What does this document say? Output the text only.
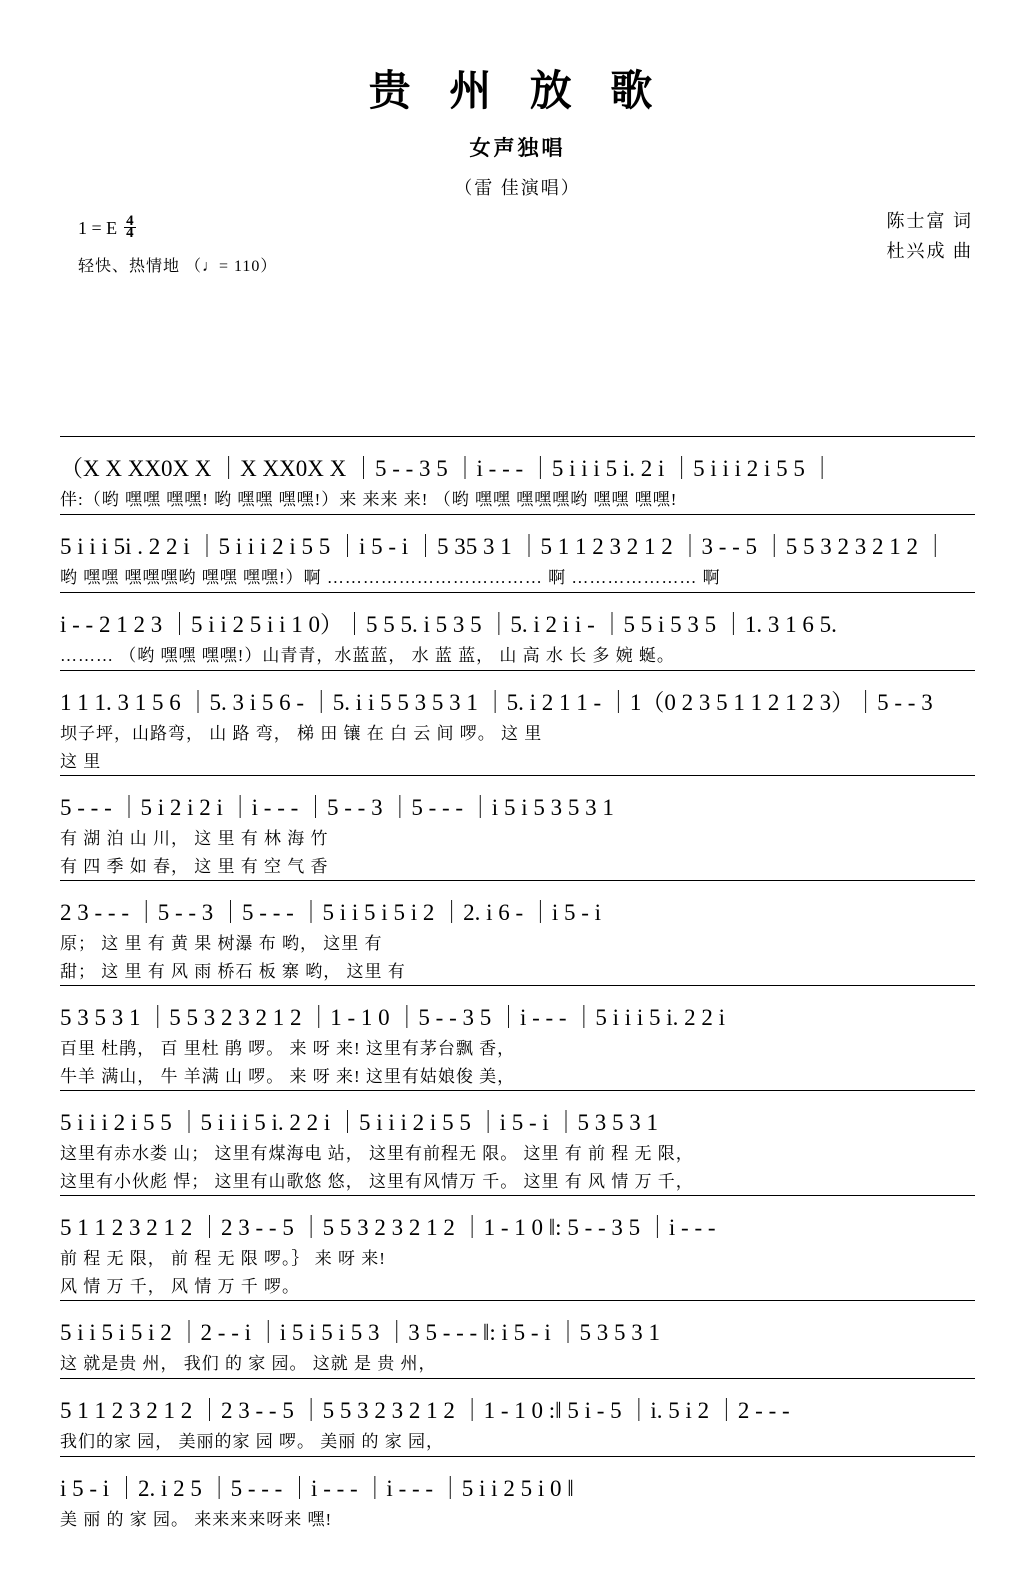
贵 州 放 歌
女声独唱
（雷 佳演唱）
陈士富 词
杜兴成 曲
1 = E $\frac{4}{4}$
轻快、热情地 （♩= 110）
（X X XX0X X ｜X XX0X X ｜5 - - 3 5 ｜i - - - ｜5 i i i 5 i. 2 i ｜5 i i i 2 i 5 5 ｜
伴:（哟 嘿嘿 嘿嘿! 哟 嘿嘿 嘿嘿!）来 来来 来! （哟 嘿嘿 嘿嘿嘿哟 嘿嘿 嘿嘿!
5 i i i 5i . 2 2 i ｜5 i i i 2 i 5 5 ｜i 5 - i ｜5 35 3 1 ｜5 1 1 2 3 2 1 2 ｜3 - - 5 ｜5 5 3 2 3 2 1 2 ｜
哟 嘿嘿 嘿嘿嘿哟 嘿嘿 嘿嘿!）啊 ……………………………… 啊 ………………… 啊
i - - 2 1 2 3 ｜5 i i 2 5 i i 1 0）｜5 5 5. i 5 3 5 ｜5. i 2 i i - ｜5 5 i 5 3 5 ｜1. 3 1 6 5.
……… （哟 嘿嘿 嘿嘿!）山青青，水蓝蓝， 水 蓝 蓝， 山 高 水 长 多 婉 蜒。
1 1 1. 3 1 5 6 ｜5. 3 i 5 6 - ｜5. i i 5 5 3 5 3 1 ｜5. i 2 1 1 - ｜1（0 2 3 5 1 1 2 1 2 3）｜5 - - 3
坝子坪，山路弯， 山 路 弯， 梯 田 镶 在 白 云 间 啰。 这 里
这 里
5 - - - ｜5 i 2 i 2 i ｜i - - - ｜5 - - 3 ｜5 - - - ｜i 5 i 5 3 5 3 1
有 湖 泊 山 川， 这 里 有 林 海 竹
有 四 季 如 春， 这 里 有 空 气 香
2 3 - - - ｜5 - - 3 ｜5 - - - ｜5 i i 5 i 5 i 2 ｜2. i 6 - ｜i 5 - i
原； 这 里 有 黄 果 树瀑 布 哟， 这里 有
甜； 这 里 有 风 雨 桥石 板 寨 哟， 这里 有
5 3 5 3 1 ｜5 5 3 2 3 2 1 2 ｜1 - 1 0 ｜5 - - 3 5 ｜i - - - ｜5 i i i 5 i. 2 2 i
百里 杜鹃， 百 里杜 鹃 啰。 来 呀 来! 这里有茅台飘 香，
牛羊 满山， 牛 羊满 山 啰。 来 呀 来! 这里有姑娘俊 美，
5 i i i 2 i 5 5 ｜5 i i i 5 i. 2 2 i ｜5 i i i 2 i 5 5 ｜i 5 - i ｜5 3 5 3 1
这里有赤水娄 山； 这里有煤海电 站， 这里有前程无 限。 这里 有 前 程 无 限，
这里有小伙彪 悍； 这里有山歌悠 悠， 这里有风情万 千。 这里 有 风 情 万 千，
5 1 1 2 3 2 1 2 ｜2 3 - - 5 ｜5 5 3 2 3 2 1 2 ｜1 - 1 0 ‖: 5 - - 3 5 ｜i - - -
前 程 无 限， 前 程 无 限 啰。｝ 来 呀 来!
风 情 万 千， 风 情 万 千 啰。
5 i i 5 i 5 i 2 ｜2 - - i ｜i 5 i 5 i 5 3 ｜3 5 - - - ‖: i 5 - i ｜5 3 5 3 1
这 就是贵 州， 我们 的 家 园。 这就 是 贵 州，
5 1 1 2 3 2 1 2 ｜2 3 - - 5 ｜5 5 3 2 3 2 1 2 ｜1 - 1 0 :‖ 5 i - 5 ｜i. 5 i 2 ｜2 - - -
我们的家 园， 美丽的家 园 啰。 美丽 的 家 园，
i 5 - i ｜2. i 2 5 ｜5 - - - ｜i - - - ｜i - - - ｜5 i i 2 5 i 0 ‖
美 丽 的 家 园。 来来来来呀来 嘿!
